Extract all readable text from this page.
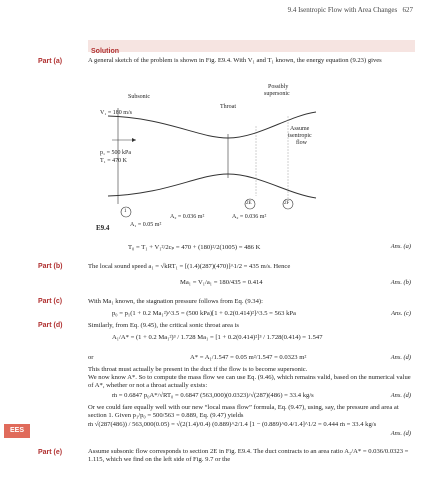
9.4 Isentropic Flow with Area Changes 627
Solution
Part (a)	A general sketch of the problem is shown in Fig. E9.4. With V₁ and T₁ known, the energy equation (9.23) gives
Subsonic
Possibly
supersonic
Throat
V₁ = 180 m/s
p₁ = 500 kPa
T₁ = 470 K
Assume
isentropic
flow
2E	2F
A₂ = 0.036 m²	A₂ = 0.036 m²
1
A₁ = 0.05 m²
E9.4
T₀ = T₁ + V₁²/2cₚ = 470 + (180)²/2(1005) = 486 K	Ans. (a)
Part (b)	The local sound speed a₁ = √kRT₁ = [(1.4)(287)(470)]^1/2 = 435 m/s. Hence
Ma₁ = V₁/a₁ = 180/435 = 0.414	Ans. (b)
Part (c)	With Ma₁ known, the stagnation pressure follows from Eq. (9.34):
p₀ = p₁(1 + 0.2 Ma₁²)^3.5 = (500 kPa)[1 + 0.2(0.414)²]^3.5 = 563 kPa	Ans. (c)
Part (d)	Similarly, from Eq. (9.45), the critical sonic throat area is
A₁/A* = (1 + 0.2 Ma₁²)³ / 1.728 Ma₁ = [1 + 0.2(0.414)²]³ / 1.728(0.414) = 1.547
or	A* = A₁/1.547 = 0.05 m²/1.547 = 0.0323 m²	Ans. (d)
This throat must actually be present in the duct if the flow is to become supersonic.
We now know A*. So to compute the mass flow we can use Eq. (9.46), which remains valid, based on the numerical value of A*, whether or not a throat actually exists:
ṁ = 0.6847 p₀A*/√RT₀ = 0.6847 (563,000)(0.0323)/√(287)(486) = 33.4 kg/s	Ans. (d)
Or we could fare equally well with our new “local mass flow” formula, Eq. (9.47), using, say, the pressure and area at section 1. Given p₁/p₀ = 500/563 = 0.889, Eq. (9.47) yields
ṁ √(287(486)) / 563,000(0.05) = √(2(1.4)/0.4) (0.889)^2/1.4 [1 − (0.889)^0.4/1.4]^1/2 = 0.444 ṁ = 33.4 kg/s
Ans. (d)
EES
Part (e)	Assume subsonic flow corresponds to section 2E in Fig. E9.4. The duct contracts to an area ratio A₂/A* = 0.036/0.0323 = 1.115, which we find on the left side of Fig. 9.7 or the
